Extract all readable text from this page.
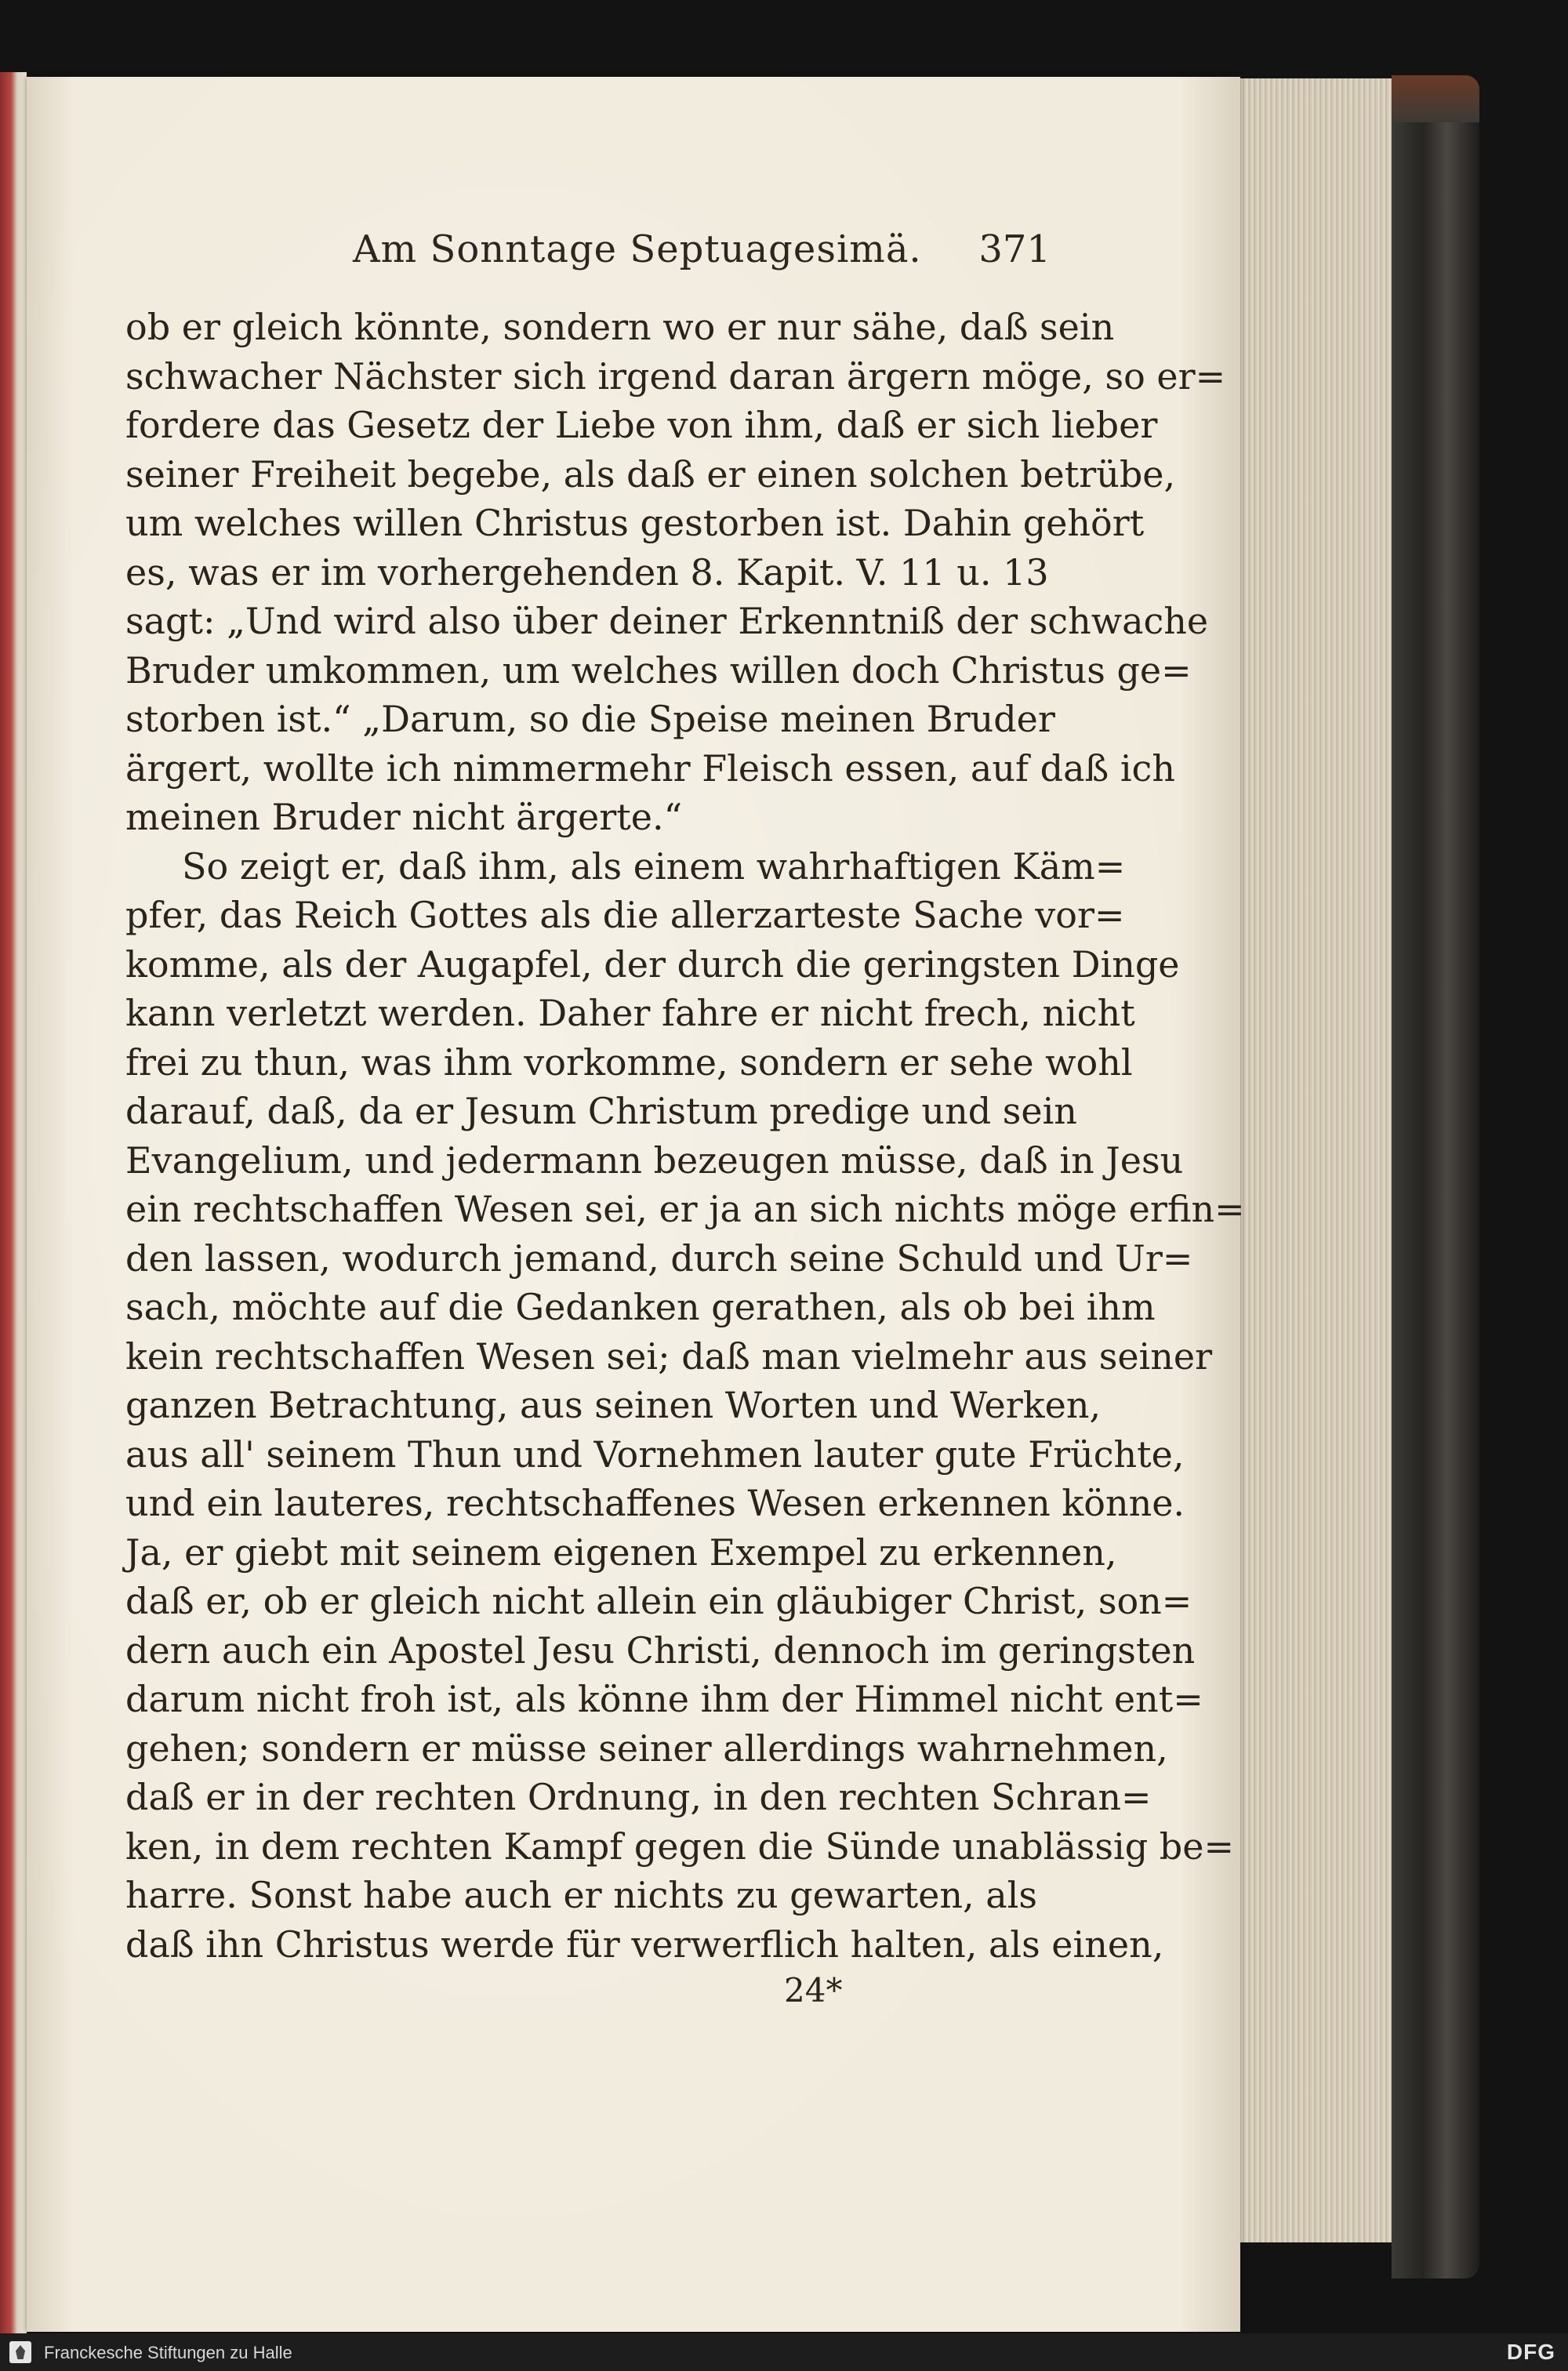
Am Sonntage Septuagesimä. 371
ob er gleich könnte, sondern wo er nur sähe, daß sein
schwacher Nächster sich irgend daran ärgern möge, so er=
fordere das Gesetz der Liebe von ihm, daß er sich lieber
seiner Freiheit begebe, als daß er einen solchen betrübe,
um welches willen Christus gestorben ist. Dahin gehört
es, was er im vorhergehenden 8. Kapit. V. 11 u. 13
sagt: „Und wird also über deiner Erkenntniß der schwache
Bruder umkommen, um welches willen doch Christus ge=
storben ist.“ „Darum, so die Speise meinen Bruder
ärgert, wollte ich nimmermehr Fleisch essen, auf daß ich
meinen Bruder nicht ärgerte.“
So zeigt er, daß ihm, als einem wahrhaftigen Käm=
pfer, das Reich Gottes als die allerzarteste Sache vor=
komme, als der Augapfel, der durch die geringsten Dinge
kann verletzt werden. Daher fahre er nicht frech, nicht
frei zu thun, was ihm vorkomme, sondern er sehe wohl
darauf, daß, da er Jesum Christum predige und sein
Evangelium, und jedermann bezeugen müsse, daß in Jesu
ein rechtschaffen Wesen sei, er ja an sich nichts möge erfin=
den lassen, wodurch jemand, durch seine Schuld und Ur=
sach, möchte auf die Gedanken gerathen, als ob bei ihm
kein rechtschaffen Wesen sei; daß man vielmehr aus seiner
ganzen Betrachtung, aus seinen Worten und Werken,
aus all' seinem Thun und Vornehmen lauter gute Früchte,
und ein lauteres, rechtschaffenes Wesen erkennen könne.
Ja, er giebt mit seinem eigenen Exempel zu erkennen,
daß er, ob er gleich nicht allein ein gläubiger Christ, son=
dern auch ein Apostel Jesu Christi, dennoch im geringsten
darum nicht froh ist, als könne ihm der Himmel nicht ent=
gehen; sondern er müsse seiner allerdings wahrnehmen,
daß er in der rechten Ordnung, in den rechten Schran=
ken, in dem rechten Kampf gegen die Sünde unablässig be=
harre. Sonst habe auch er nichts zu gewarten, als
daß ihn Christus werde für verwerflich halten, als einen,
24*
Franckesche Stiftungen zu Halle	DFG
